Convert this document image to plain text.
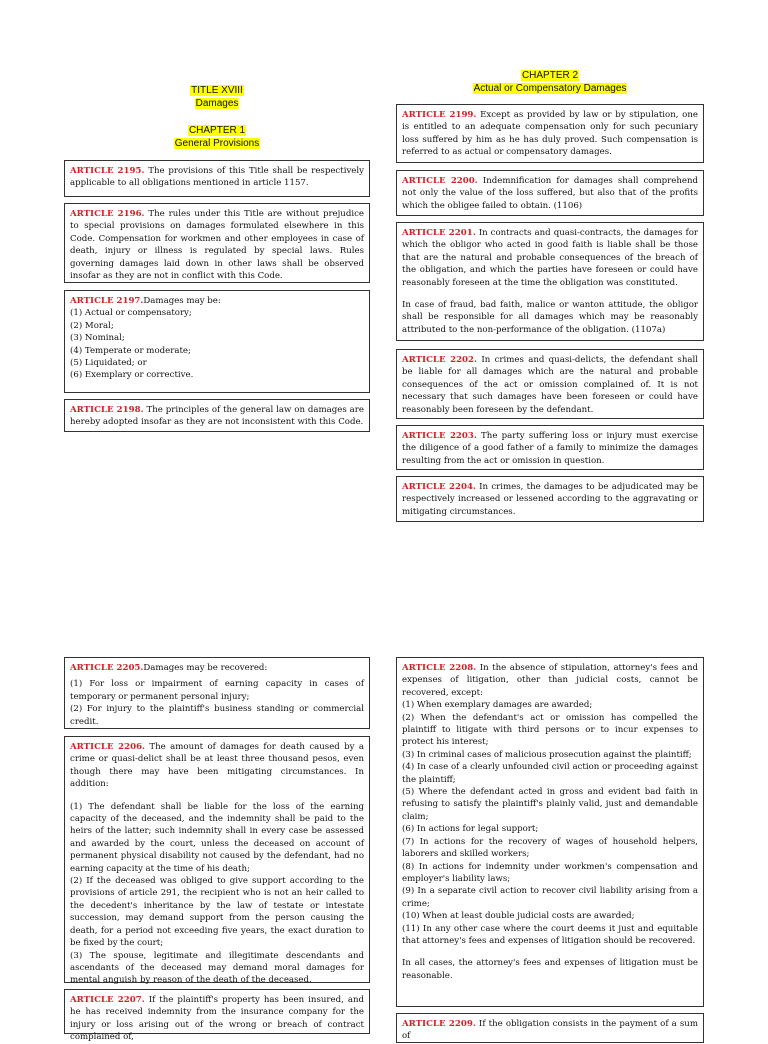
TITLE XVIII
Damages
CHAPTER 1
General Provisions
CHAPTER 2
Actual or Compensatory Damages

ARTICLE 2195. The provisions of this Title shall be respectively applicable to all obligations mentioned in article 1157.

ARTICLE 2196. The rules under this Title are without prejudice to special provisions on damages formulated elsewhere in this Code. Compensation for workmen and other employees in case of death, injury or illness is regulated by special laws. Rules governing damages laid down in other laws shall be observed insofar as they are not in conflict with this Code.

ARTICLE 2197.Damages may be:

(1) Actual or compensatory;

(2) Moral;

(3) Nominal;

(4) Temperate or moderate;

(5) Liquidated; or

(6) Exemplary or corrective.

ARTICLE 2198. The principles of the general law on damages are hereby adopted insofar as they are not inconsistent with this Code.

ARTICLE 2199. Except as provided by law or by stipulation, one is entitled to an adequate compensation only for such pecuniary loss suffered by him as he has duly proved. Such compensation is referred to as actual or compensatory damages.

ARTICLE 2200. Indemnification for damages shall comprehend not only the value of the loss suffered, but also that of the profits which the obligee failed to obtain. (1106)

ARTICLE 2201. In contracts and quasi-contracts, the damages for which the obligor who acted in good faith is liable shall be those that are the natural and probable consequences of the breach of the obligation, and which the parties have foreseen or could have reasonably foreseen at the time the obligation was constituted.

In case of fraud, bad faith, malice or wanton attitude, the obligor shall be responsible for all damages which may be reasonably attributed to the non-performance of the obligation. (1107a)

ARTICLE 2202. In crimes and quasi-delicts, the defendant shall be liable for all damages which are the natural and probable consequences of the act or omission complained of. It is not necessary that such damages have been foreseen or could have reasonably been foreseen by the defendant.

ARTICLE 2203. The party suffering loss or injury must exercise the diligence of a good father of a family to minimize the damages resulting from the act or omission in question.

ARTICLE 2204. In crimes, the damages to be adjudicated may be respectively increased or lessened according to the aggravating or mitigating circumstances.

ARTICLE 2205.Damages may be recovered:

(1) For loss or impairment of earning capacity in cases of temporary or permanent personal injury;

(2) For injury to the plaintiff's business standing or commercial credit.

ARTICLE 2206. The amount of damages for death caused by a crime or quasi-delict shall be at least three thousand pesos, even though there may have been mitigating circumstances. In addition:

(1) The defendant shall be liable for the loss of the earning capacity of the deceased, and the indemnity shall be paid to the heirs of the latter; such indemnity shall in every case be assessed and awarded by the court, unless the deceased on account of permanent physical disability not caused by the defendant, had no earning capacity at the time of his death;

(2) If the deceased was obliged to give support according to the provisions of article 291, the recipient who is not an heir called to the decedent's inheritance by the law of testate or intestate succession, may demand support from the person causing the death, for a period not exceeding five years, the exact duration to be fixed by the court;

(3) The spouse, legitimate and illegitimate descendants and ascendants of the deceased may demand moral damages for mental anguish by reason of the death of the deceased.

ARTICLE 2207. If the plaintiff's property has been insured, and he has received indemnity from the insurance company for the injury or loss arising out of the wrong or breach of contract complained of,

ARTICLE 2208. In the absence of stipulation, attorney's fees and expenses of litigation, other than judicial costs, cannot be recovered, except:

(1) When exemplary damages are awarded;

(2) When the defendant's act or omission has compelled the plaintiff to litigate with third persons or to incur expenses to protect his interest;

(3) In criminal cases of malicious prosecution against the plaintiff;

(4) In case of a clearly unfounded civil action or proceeding against the plaintiff;

(5) Where the defendant acted in gross and evident bad faith in refusing to satisfy the plaintiff's plainly valid, just and demandable claim;

(6) In actions for legal support;

(7) In actions for the recovery of wages of household helpers, laborers and skilled workers;

(8) In actions for indemnity under workmen's compensation and employer's liability laws;

(9) In a separate civil action to recover civil liability arising from a crime;

(10) When at least double judicial costs are awarded;

(11) In any other case where the court deems it just and equitable that attorney's fees and expenses of litigation should be recovered.

In all cases, the attorney's fees and expenses of litigation must be reasonable.

ARTICLE 2209. If the obligation consists in the payment of a sum of
